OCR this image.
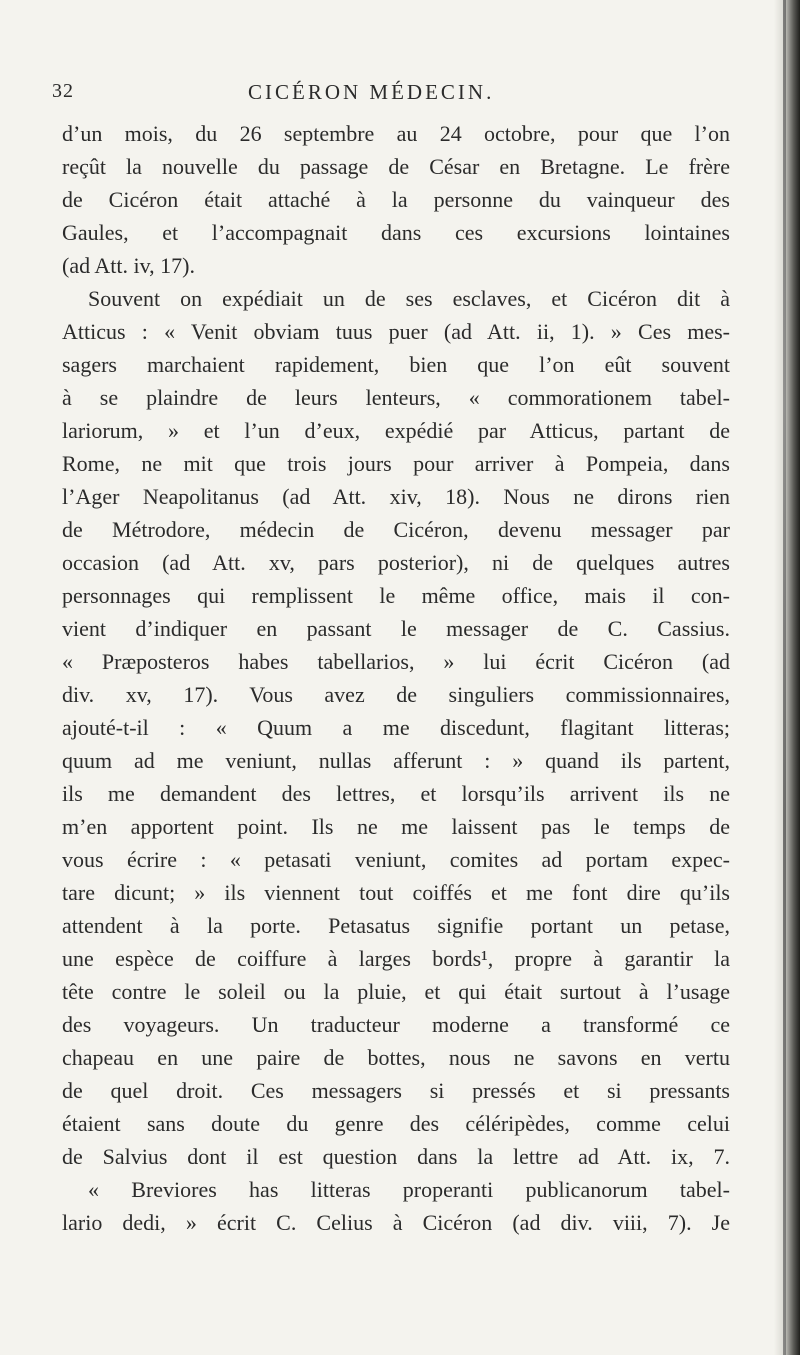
32	CICÉRON MÉDECIN.
d’un mois, du 26 septembre au 24 octobre, pour que l’on
reçût la nouvelle du passage de César en Bretagne. Le frère
de Cicéron était attaché à la personne du vainqueur des
Gaules, et l’accompagnait dans ces excursions lointaines
(ad Att. iv, 17).
Souvent on expédiait un de ses esclaves, et Cicéron dit à
Atticus : « Venit obviam tuus puer (ad Att. ii, 1). » Ces mes-
sagers marchaient rapidement, bien que l’on eût souvent
à se plaindre de leurs lenteurs, « commorationem tabel-
lariorum, » et l’un d’eux, expédié par Atticus, partant de
Rome, ne mit que trois jours pour arriver à Pompeia, dans
l’Ager Neapolitanus (ad Att. xiv, 18). Nous ne dirons rien
de Métrodore, médecin de Cicéron, devenu messager par
occasion (ad Att. xv, pars posterior), ni de quelques autres
personnages qui remplissent le même office, mais il con-
vient d’indiquer en passant le messager de C. Cassius.
« Præposteros habes tabellarios, » lui écrit Cicéron (ad
div. xv, 17). Vous avez de singuliers commissionnaires,
ajouté-t-il : « Quum a me discedunt, flagitant litteras;
quum ad me veniunt, nullas afferunt : » quand ils partent,
ils me demandent des lettres, et lorsqu’ils arrivent ils ne
m’en apportent point. Ils ne me laissent pas le temps de
vous écrire : « petasati veniunt, comites ad portam expec-
tare dicunt; » ils viennent tout coiffés et me font dire qu’ils
attendent à la porte. Petasatus signifie portant un petase,
une espèce de coiffure à larges bords¹, propre à garantir la
tête contre le soleil ou la pluie, et qui était surtout à l’usage
des voyageurs. Un traducteur moderne a transformé ce
chapeau en une paire de bottes, nous ne savons en vertu
de quel droit. Ces messagers si pressés et si pressants
étaient sans doute du genre des céléripèdes, comme celui
de Salvius dont il est question dans la lettre ad Att. ix, 7.
« Breviores has litteras properanti publicanorum tabel-
lario dedi, » écrit C. Celius à Cicéron (ad div. viii, 7). Je
